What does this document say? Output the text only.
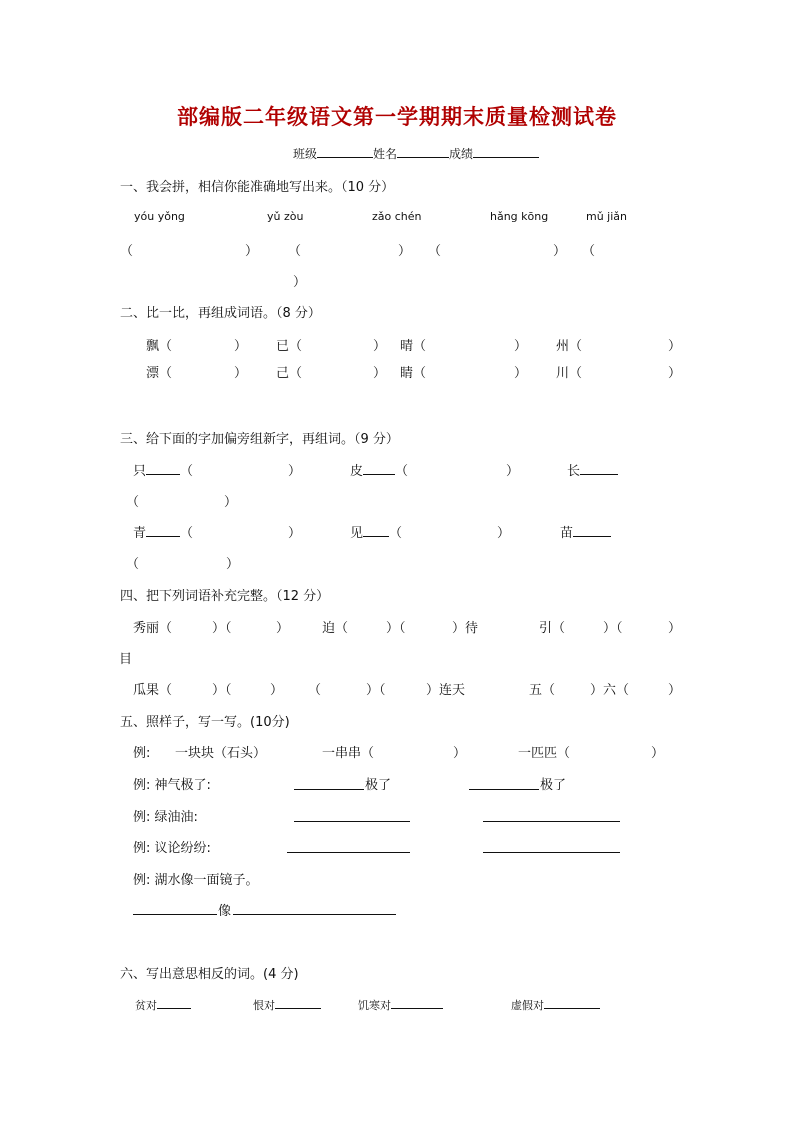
部编版二年级语文第一学期期末质量检测试卷
班级	姓名	成绩
一、我会拼，相信你能准确地写出来。（10 分）
yóu yǒng	yǔ zòu	zǎo chén	hǎng kōng	mǔ jiǎn
（	） （	） （	） （
）
二、比一比，再组成词语。（8 分）
飘（	） 已（	） 晴（	） 州（	）
漂（	） 己（	） 睛（	） 川（	）
三、给下面的字加偏旁组新字，再组词。（9 分）
只	（	）	皮 （	）	长
（	）
青	（	）	见 （	）	苗
（	）
四、把下列词语补充完整。（12 分）
秀丽（	）（	）	迫（	）（	）待	引（	）（	）
目
瓜果（	）（	） （	）（	）连天	五（	）六（	）
五、照样子，写一写。(10分)
例: 一块块（石头）	一串串（	）	一匹匹（	）
例: 神气极了:	极了	极了
例: 绿油油:
例: 议论纷纷:
例: 湖水像一面镜子。
像
六、写出意思相反的词。(4 分)
贫对	恨对	饥寒对	虚假对
